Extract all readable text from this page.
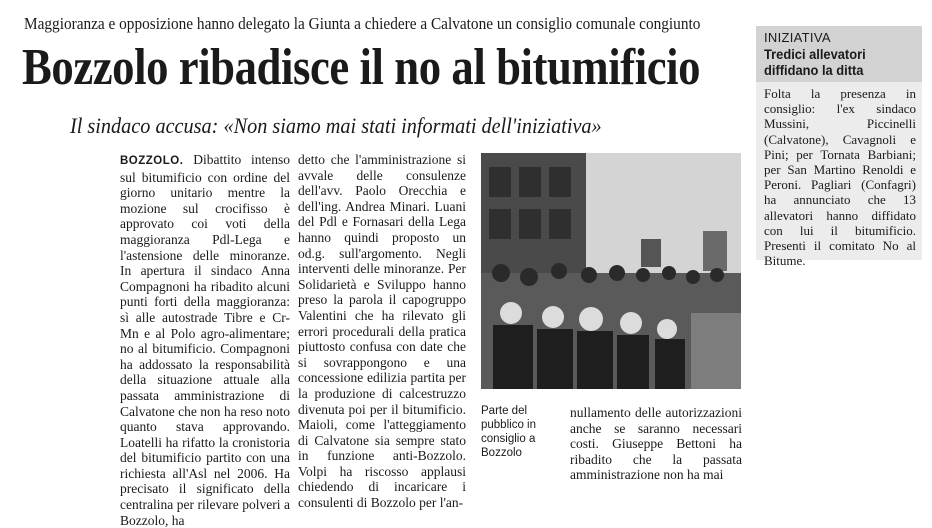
Maggioranza e opposizione hanno delegato la Giunta a chiedere a Calvatone un consiglio comunale congiunto
Bozzolo ribadisce il no al bitumificio
Il sindaco accusa: «Non siamo mai stati informati dell'iniziativa»
BOZZOLO. Dibattito intenso sul bitumificio con ordine del giorno unitario mentre la mozione sul crocifisso è approvato coi voti della maggioranza Pdl-Lega e l'astensione delle minoranze. In apertura il sindaco Anna Compagnoni ha ribadito alcuni punti forti della maggioranza: sì alle autostrade Tibre e Cr-Mn e al Polo agro-alimentare; no al bitumificio. Compagnoni ha addossato la responsabilità della situazione attuale alla passata amministrazione di Calvatone che non ha reso noto quanto stava approvando. Loatelli ha rifatto la cronistoria del bitumificio partito con una richiesta all'Asl nel 2006. Ha precisato il significato della centralina per rilevare polveri a Bozzolo, ha
detto che l'amministrazione si avvale delle consulenze dell'avv. Paolo Orecchia e dell'ing. Andrea Minari. Luani del Pdl e Fornasari della Lega hanno quindi proposto un od.g. sull'argomento. Negli interventi delle minoranze. Per Solidarietà e Sviluppo hanno preso la parola il capogruppo Valentini che ha rilevato gli errori procedurali della pratica piuttosto confusa con date che si sovrappongono e una concessione edilizia partita per la produzione di calcestruzzo divenuta poi per il bitumificio. Maioli, come l'atteggiamento di Calvatone sia sempre stato in funzione anti-Bozzolo. Volpi ha riscosso applausi chiedendo di incaricare i consulenti di Bozzolo per l'an-
Parte del pubblico in consiglio a Bozzolo
nullamento delle autorizzazioni anche se saranno necessari costi. Giuseppe Bettoni ha ribadito che la passata amministrazione non ha mai
INIZIATIVA
Tredici allevatori diffidano la ditta
Folta la presenza in consiglio: l'ex sindaco Mussini, Piccinelli (Calvatone), Cavagnoli e Pini; per Tornata Barbiani; per San Martino Renoldi e Peroni. Pagliari (Confagri) ha annunciato che 13 allevatori hanno diffidato con lui il bitumificio. Presenti il comitato No al Bitume.
